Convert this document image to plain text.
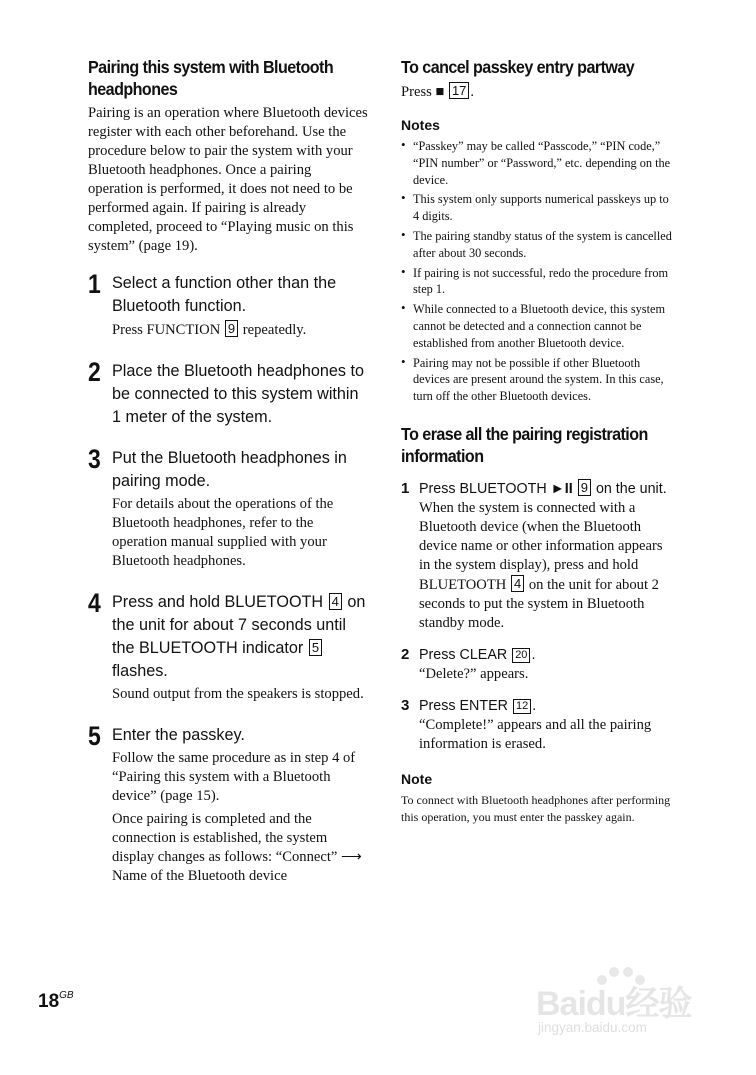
Pairing this system with Bluetooth headphones

Pairing is an operation where Bluetooth devices register with each other beforehand. Use the procedure below to pair the system with your Bluetooth headphones. Once a pairing operation is performed, it does not need to be performed again. If pairing is already completed, proceed to “Playing music on this system” (page 19).

1 Select a function other than the Bluetooth function.

Press FUNCTION 9 repeatedly.

2 Place the Bluetooth headphones to be connected to this system within 1 meter of the system.

3 Put the Bluetooth headphones in pairing mode.

For details about the operations of the Bluetooth headphones, refer to the operation manual supplied with your Bluetooth headphones.

4 Press and hold BLUETOOTH 4 on the unit for about 7 seconds until the BLUETOOTH indicator 5 flashes.

Sound output from the speakers is stopped.

5 Enter the passkey.

Follow the same procedure as in step 4 of “Pairing this system with a Bluetooth device” (page 15).

Once pairing is completed and the connection is established, the system display changes as follows: “Connect” ⟶ Name of the Bluetooth device

To cancel passkey entry partway

Press ■ 17 .

Notes
• “Passkey” may be called “Passcode,” “PIN code,” “PIN number” or “Password,” etc. depending on the device.
• This system only supports numerical passkeys up to 4 digits.
• The pairing standby status of the system is cancelled after about 30 seconds.
• If pairing is not successful, redo the procedure from step 1.
• While connected to a Bluetooth device, this system cannot be detected and a connection cannot be established from another Bluetooth device.
• Pairing may not be possible if other Bluetooth devices are present around the system. In this case, turn off the other Bluetooth devices.
To erase all the pairing registration information
1 Press BLUETOOTH ►II 9 on the unit.

When the system is connected with a Bluetooth device (when the Bluetooth device name or other information appears in the system display), press and hold BLUETOOTH 4 on the unit for about 2 seconds to put the system in Bluetooth standby mode.

2 Press CLEAR 20 .

“Delete?” appears.

3 Press ENTER 12 .

“Complete!” appears and all the pairing information is erased.

Note

To connect with Bluetooth headphones after performing this operation, you must enter the passkey again.

$18^{GB}$	Baidu经验
jingyan.baidu.com
